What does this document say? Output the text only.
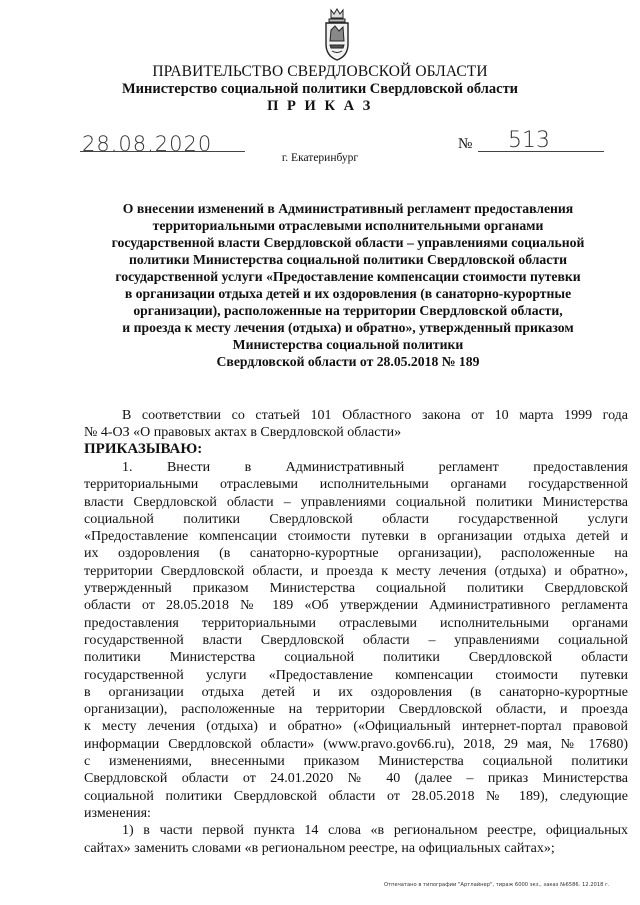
ПРАВИТЕЛЬСТВО СВЕРДЛОВСКОЙ ОБЛАСТИ
Министерство социальной политики Свердловской области
П Р И К А З
28.08.2020	№ 513
г. Екатеринбург
О внесении изменений в Административный регламент предоставления
территориальными отраслевыми исполнительными органами
государственной власти Свердловской области – управлениями социальной
политики Министерства социальной политики Свердловской области
государственной услуги «Предоставление компенсации стоимости путевки
в организации отдыха детей и их оздоровления (в санаторно-курортные
организации), расположенные на территории Свердловской области,
и проезда к месту лечения (отдыха) и обратно», утвержденный приказом
Министерства социальной политики
Свердловской области от 28.05.2018 № 189
В соответствии со статьей 101 Областного закона от 10 марта 1999 года
№ 4-ОЗ «О правовых актах в Свердловской области»
ПРИКАЗЫВАЮ:
1. Внести в Административный регламент предоставления
территориальными отраслевыми исполнительными органами государственной
власти Свердловской области – управлениями социальной политики Министерства
социальной политики Свердловской области государственной услуги
«Предоставление компенсации стоимости путевки в организации отдыха детей и
их оздоровления (в санаторно-курортные организации), расположенные на
территории Свердловской области, и проезда к месту лечения (отдыха) и обратно»,
утвержденный приказом Министерства социальной политики Свердловской
области от 28.05.2018 № 189 «Об утверждении Административного регламента
предоставления территориальными отраслевыми исполнительными органами
государственной власти Свердловской области – управлениями социальной
политики Министерства социальной политики Свердловской области
государственной услуги «Предоставление компенсации стоимости путевки
в организации отдыха детей и их оздоровления (в санаторно-курортные
организации), расположенные на территории Свердловской области, и проезда
к месту лечения (отдыха) и обратно» («Официальный интернет-портал правовой
информации Свердловской области» (www.pravo.gov66.ru), 2018, 29 мая, № 17680)
с изменениями, внесенными приказом Министерства социальной политики
Свердловской области от 24.01.2020 № 40 (далее – приказ Министерства
социальной политики Свердловской области от 28.05.2018 № 189), следующие
изменения:
1) в части первой пункта 14 слова «в региональном реестре, официальных
сайтах» заменить словами «в региональном реестре, на официальных сайтах»;
Отпечатано в типографии "Артлайнер", тираж 6000 экз., заказ №6586. 12.2018 г.
